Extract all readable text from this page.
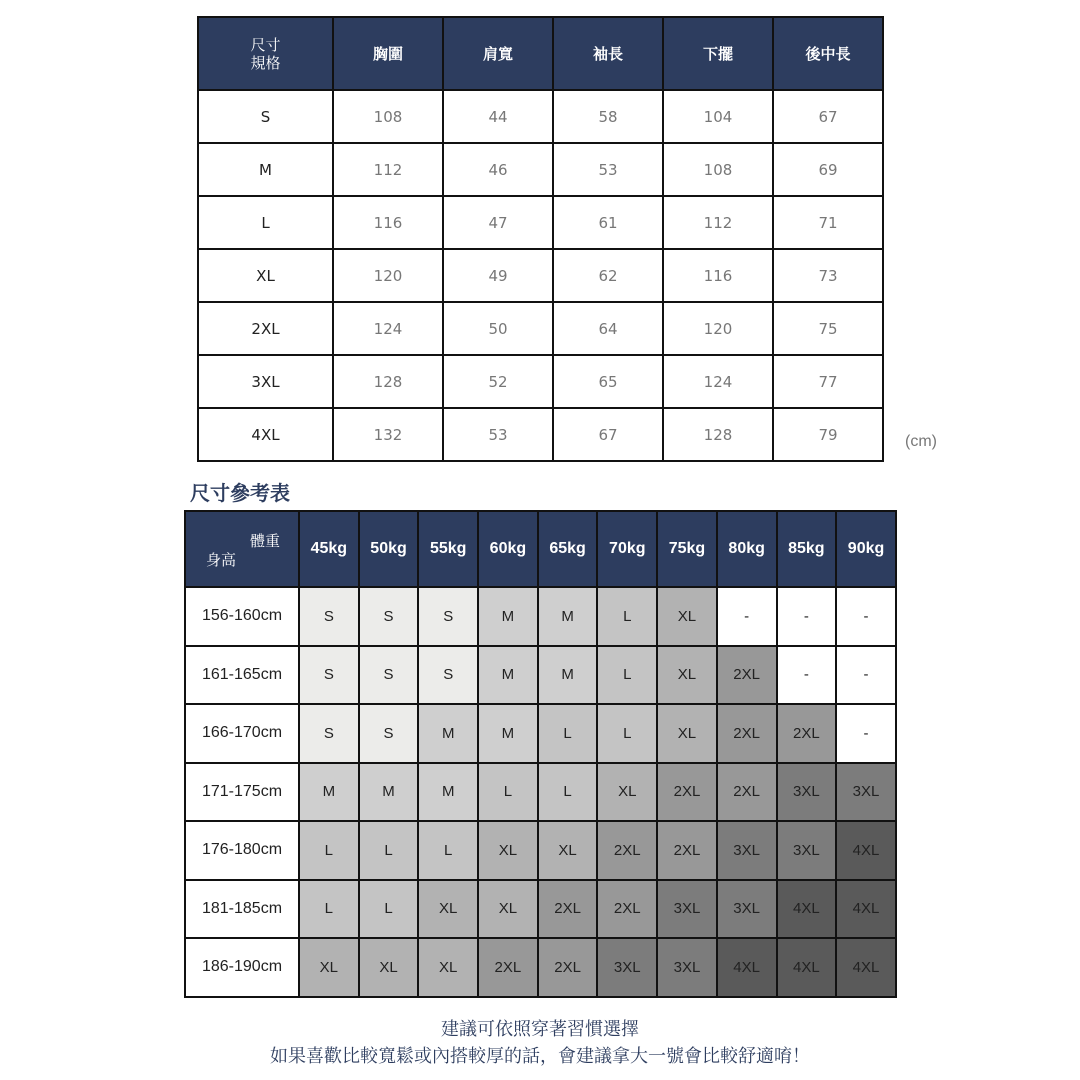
尺寸
規格	胸圍	肩寬	袖長	下擺	後中長
S	108	44	58	104	67
M	112	46	53	108	69
L	116	47	61	112	71
XL	120	49	62	116	73
2XL	124	50	64	120	75
3XL	128	52	65	124	77
4XL	132	53	67	128	79	(cm)
尺寸參考表
體重
身高	45kg	50kg	55kg	60kg	65kg	70kg	75kg	80kg	85kg	90kg
156-160cm	S	S	S	M	M	L	XL	-	-	-
161-165cm	S	S	S	M	M	L	XL	2XL	-	-
166-170cm	S	S	M	M	L	L	XL	2XL	2XL	-
171-175cm	M	M	M	L	L	XL	2XL	2XL	3XL	3XL
176-180cm	L	L	L	XL	XL	2XL	2XL	3XL	3XL	4XL
181-185cm	L	L	XL	XL	2XL	2XL	3XL	3XL	4XL	4XL
186-190cm	XL	XL	XL	2XL	2XL	3XL	3XL	4XL	4XL	4XL
建議可依照穿著習慣選擇
如果喜歡比較寬鬆或內搭較厚的話，會建議拿大一號會比較舒適唷！
